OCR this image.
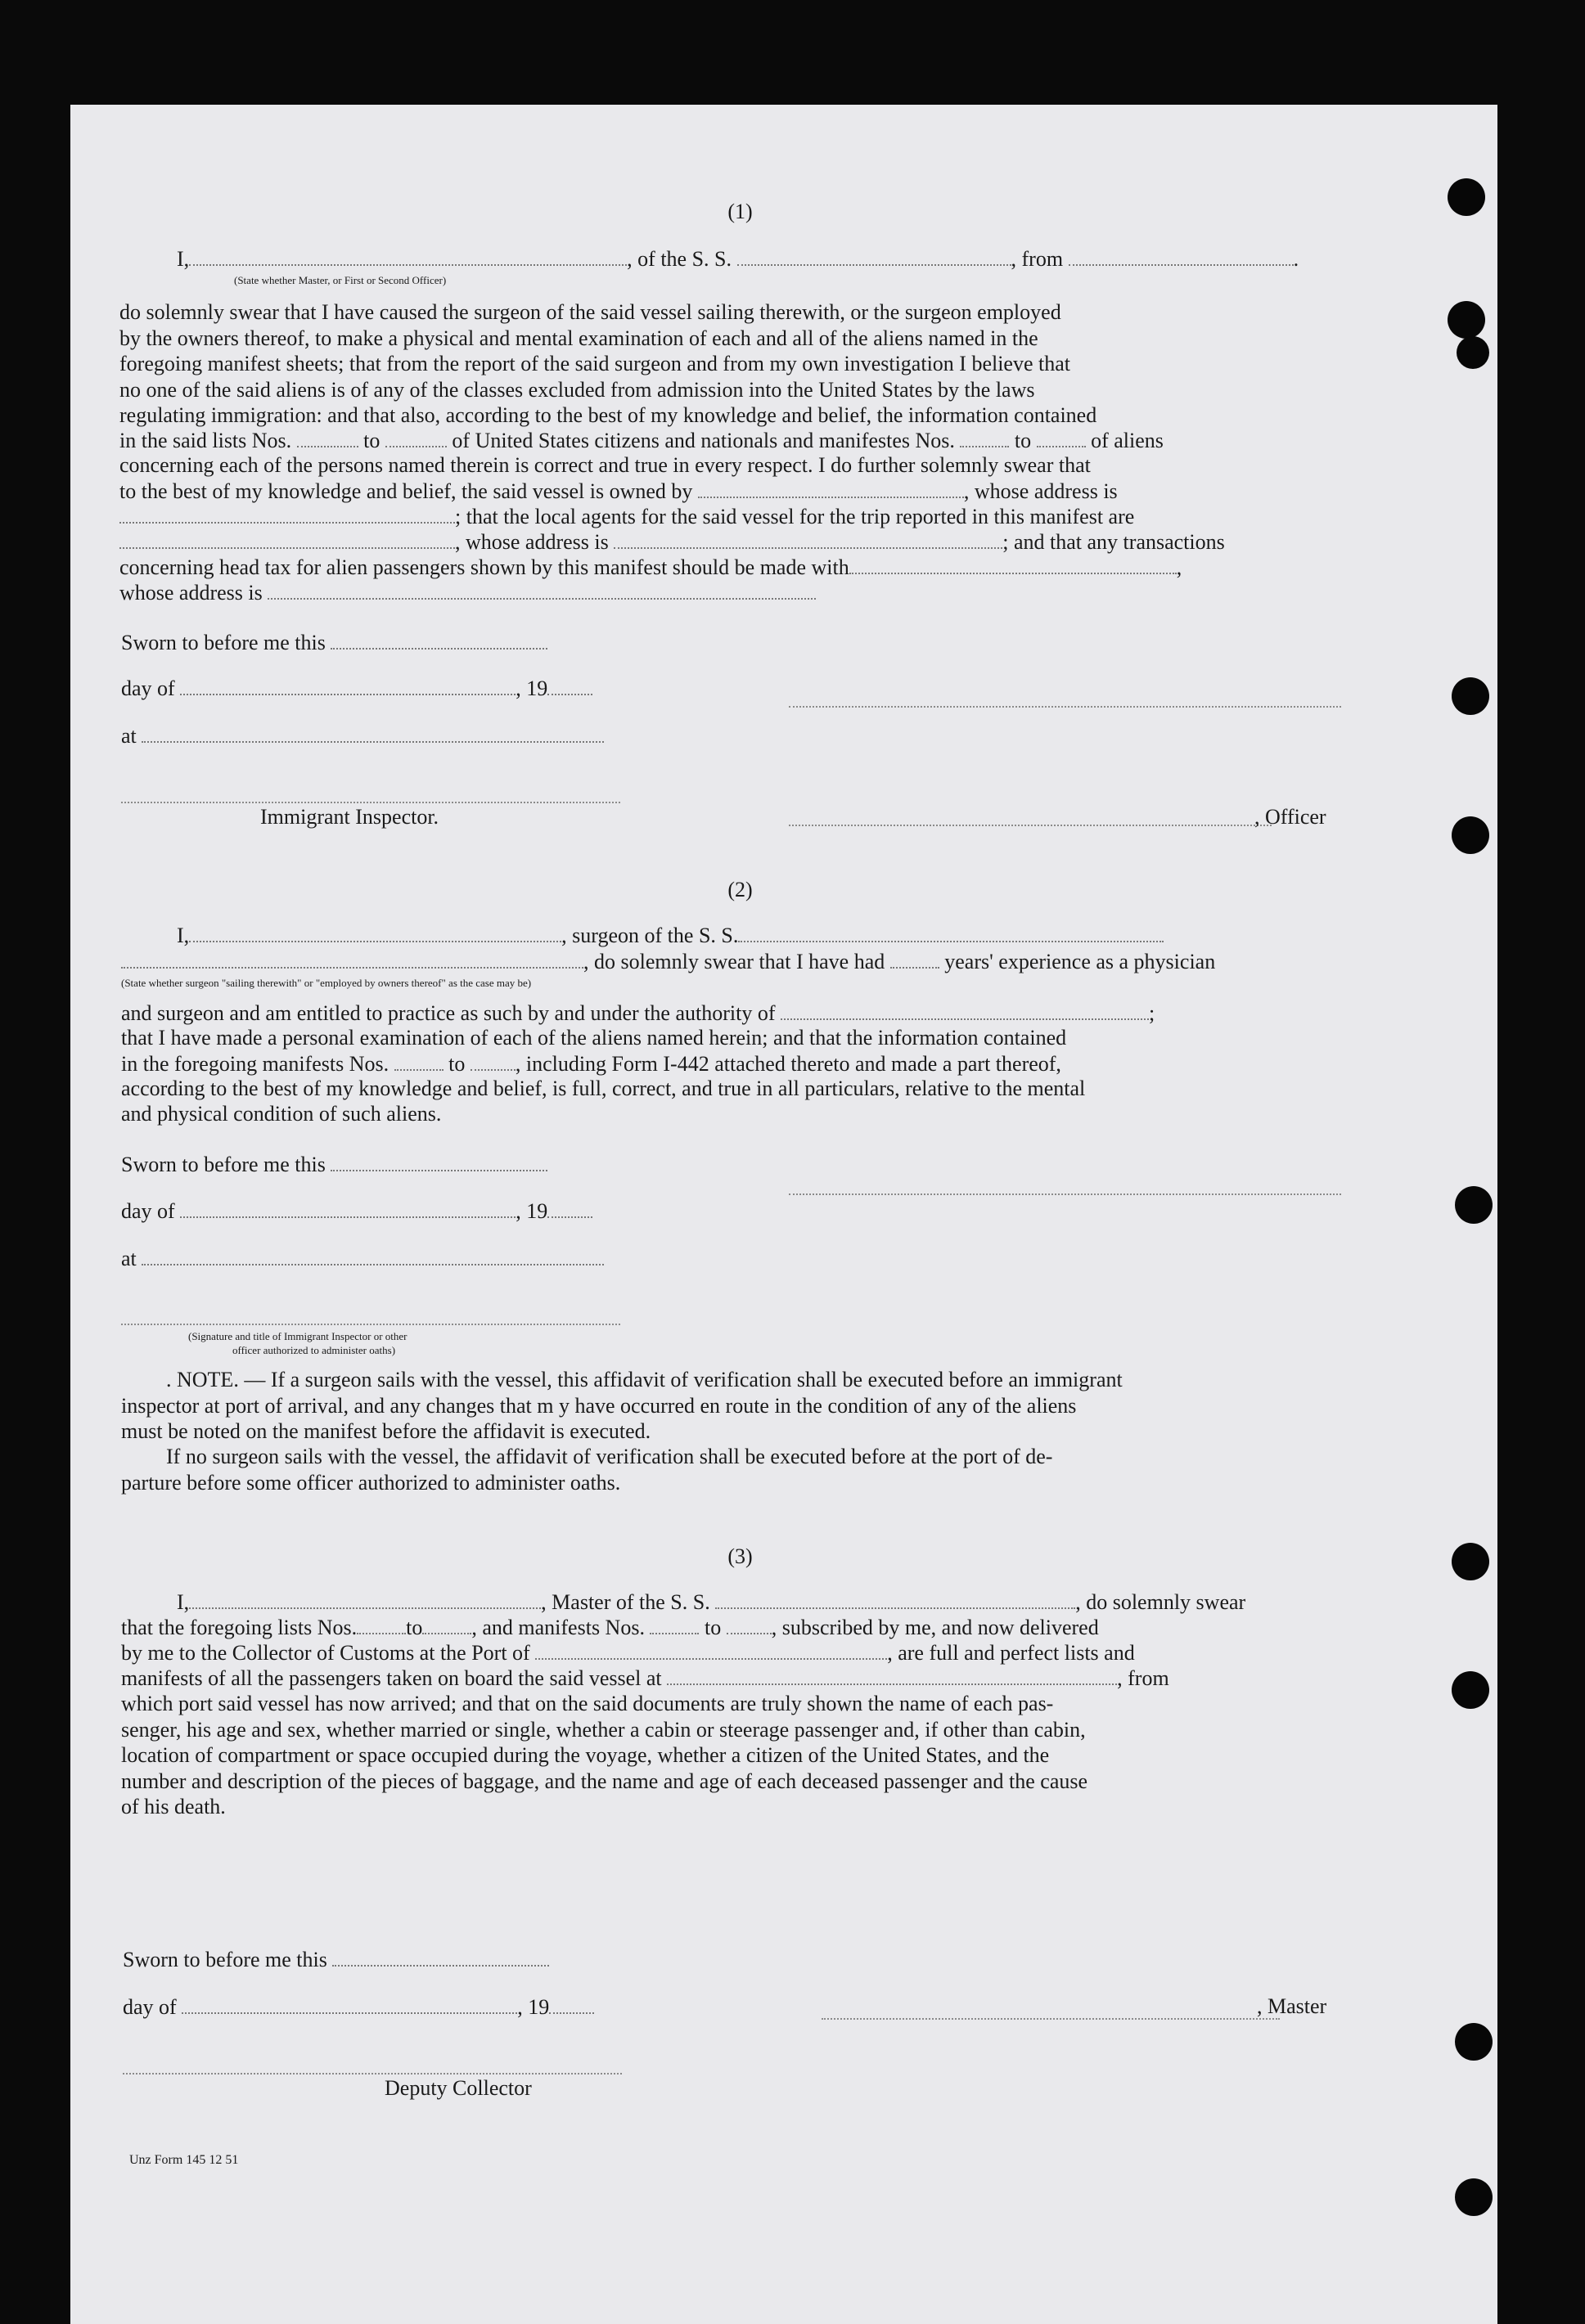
(1)
I,	, of the S. S.	, from	.
(State whether Master, or First or Second Officer)
do solemnly swear that I have caused the surgeon of the said vessel sailing therewith, or the surgeon employed
by the owners thereof, to make a physical and mental examination of each and all of the aliens named in the
foregoing manifest sheets; that from the report of the said surgeon and from my own investigation I believe that
no one of the said aliens is of any of the classes excluded from admission into the United States by the laws
regulating immigration: and that also, according to the best of my knowledge and belief, the information contained
in the said lists Nos.	to	of United States citizens and nationals and manifestes Nos.	to	of aliens
concerning each of the persons named therein is correct and true in every respect. I do further solemnly swear that
to the best of my knowledge and belief, the said vessel is owned by	, whose address is
; that the local agents for the said vessel for the trip reported in this manifest are
, whose address is	; and that any transactions
concerning head tax for alien passengers shown by this manifest should be made with	,
whose address is
Sworn to before me this
day of	, 19
at
Immigrant Inspector.	, Officer
(2)
I,	, surgeon of the S. S.
, do solemnly swear that I have had	years' experience as a physician
(State whether surgeon "sailing therewith" or "employed by owners thereof" as the case may be)
and surgeon and am entitled to practice as such by and under the authority of	;
that I have made a personal examination of each of the aliens named herein; and that the information contained
in the foregoing manifests Nos.	to , including Form I-442 attached thereto and made a part thereof,
according to the best of my knowledge and belief, is full, correct, and true in all particulars, relative to the mental
and physical condition of such aliens.
Sworn to before me this
day of	, 19
at
(Signature and title of Immigrant Inspector or other
officer authorized to administer oaths)
. NOTE. — If a surgeon sails with the vessel, this affidavit of verification shall be executed before an immigrant
inspector at port of arrival, and any changes that m y have occurred en route in the condition of any of the aliens
must be noted on the manifest before the affidavit is executed.
If no surgeon sails with the vessel, the affidavit of verification shall be executed before at the port of de-
parture before some officer authorized to administer oaths.
(3)
I,	, Master of the S. S.	, do solemnly swear
that the foregoing lists Nos. to , and manifests Nos.	to , subscribed by me, and now delivered
by me to the Collector of Customs at the Port of	, are full and perfect lists and
manifests of all the passengers taken on board the said vessel at	, from
which port said vessel has now arrived; and that on the said documents are truly shown the name of each pas-
senger, his age and sex, whether married or single, whether a cabin or steerage passenger and, if other than cabin,
location of compartment or space occupied during the voyage, whether a citizen of the United States, and the
number and description of the pieces of baggage, and the name and age of each deceased passenger and the cause
of his death.
Sworn to before me this
day of	, 19	, Master
Deputy Collector
Unz Form 145 12 51
